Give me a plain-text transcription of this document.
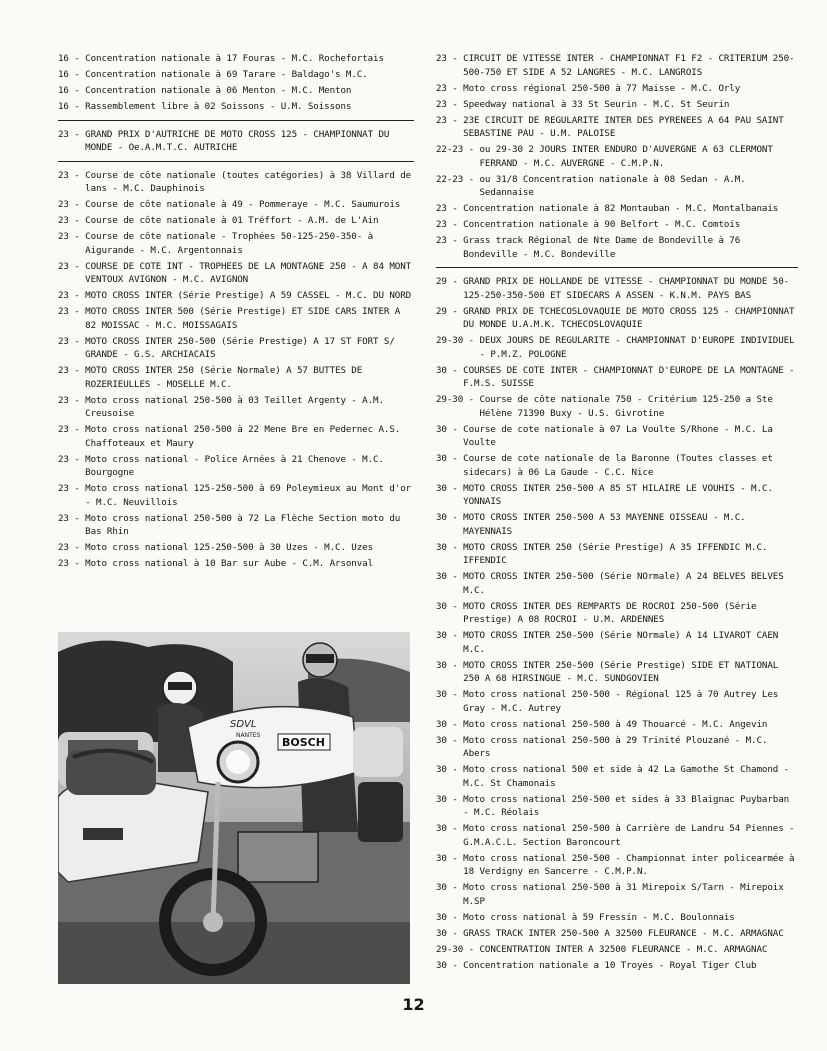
16 - Concentration nationale à 17 Fouras - M.C. Rochefortais
16 - Concentration nationale à 69 Tarare - Baldago's M.C.
16 - Concentration nationale à 06 Menton - M.C. Menton
16 - Rassemblement libre à 02 Soissons - U.M. Soissons
23 - GRAND PRIX D'AUTRICHE DE MOTO CROSS 125 - CHAMPIONNAT DU MONDE - Oe.A.M.T.C. AUTRICHE
23 - Course de côte nationale (toutes catégories) à 38 Villard de lans - M.C. Dauphinois
23 - Course de côte nationale à 49 - Pommeraye - M.C. Saumurois
23 - Course de côte nationale à 01 Tréffort - A.M. de L'Ain
23 - Course de côte nationale - Trophées 50-125-250-350- à Aigurande - M.C. Argentonnais
23 - COURSE DE COTE INT - TROPHEES DE LA MONTAGNE 250 - A 84 MONT VENTOUX AVIGNON - M.C. AVIGNON
23 - MOTO CROSS INTER (Série Prestige) A 59 CASSEL - M.C. DU NORD
23 - MOTO CROSS INTER 500 (Série Prestige) ET SIDE CARS INTER A 82 MOISSAC - M.C. MOISSAGAIS
23 - MOTO CROSS INTER 250-500 (Série Prestige) A 17 ST FORT S/ GRANDE - G.S. ARCHIACAIS
23 - MOTO CROSS INTER 250 (Série Normale) A 57 BUTTES DE ROZERIEULLES - MOSELLE M.C.
23 - Moto cross national 250-500 à 03 Teillet Argenty - A.M. Creusoise
23 - Moto cross national 250-500 à 22 Mene Bre en Pedernec A.S. Chaffoteaux et Maury
23 - Moto cross national - Police Arnées à 21 Chenove - M.C. Bourgogne
23 - Moto cross national 125-250-500 à 69 Poleymieux au Mont d'or - M.C. Neuvillois
23 - Moto cross national 250-500 à 72 La Flèche Section moto du Bas Rhin
23 - Moto cross national 125-250-500 à 30 Uzes - M.C. Uzes
23 - Moto cross national à 10 Bar sur Aube - C.M. Arsonval
23 - CIRCUIT DE VITESSE INTER - CHAMPIONNAT F1 F2 - CRITERIUM 250-500-750 ET SIDE A 52 LANGRES - M.C. LANGROIS
23 - Moto cross régional 250-500 à 77 Maisse - M.C. Orly
23 - Speedway national à 33 St Seurin - M.C. St Seurin
23 - 23E CIRCUIT DE REGULARITE INTER DES PYRENEES A 64 PAU SAINT SEBASTINE PAU - U.M. PALOISE
22-23 - ou 29-30 2 JOURS INTER ENDURO D'AUVERGNE A 63 CLERMONT FERRAND - M.C. AUVERGNE - C.M.P.N.
22-23 - ou 31/8 Concentration nationale à 08 Sedan - A.M. Sedannaise
23 - Concentration nationale à 82 Montauban - M.C. Montalbanais
23 - Concentration nationale à 90 Belfort - M.C. Comtois
23 - Grass track Régional de Nte Dame de Bondeville à 76 Bondeville - M.C. Bondeville
29 - GRAND PRIX DE HOLLANDE DE VITESSE - CHAMPIONNAT DU MONDE 50-125-250-350-500 ET SIDECARS A ASSEN - K.N.M. PAYS BAS
29 - GRAND PRIX DE TCHECOSLOVAQUIE DE MOTO CROSS 125 - CHAMPIONNAT DU MONDE U.A.M.K. TCHECOSLOVAQUIE
29-30 - DEUX JOURS DE REGULARITE - CHAMPIONNAT D'EUROPE INDIVIDUEL - P.M.Z. POLOGNE
30 - COURSES DE COTE INTER - CHAMPIONNAT D'EUROPE DE LA MONTAGNE - F.M.S. SUISSE
29-30 - Course de côte nationale 750 - Critérium 125-250 a Ste Hélène 71390 Buxy - U.S. Givrotine
30 - Course de cote nationale à 07 La Voulte S/Rhone - M.C. La Voulte
30 - Course de cote nationale de la Baronne (Toutes classes et sidecars) à 06 La Gaude - C.C. Nice
30 - MOTO CROSS INTER 250-500 A 85 ST HILAIRE LE VOUHIS - M.C. YONNAIS
30 - MOTO CROSS INTER 250-500 A 53 MAYENNE OISSEAU - M.C. MAYENNAIS
30 - MOTO CROSS INTER 250 (Série Prestige) A 35 IFFENDIC M.C. IFFENDIC
30 - MOTO CROSS INTER 250-500 (Série NOrmale) A 24 BELVES BELVES M.C.
30 - MOTO CROSS INTER DES REMPARTS DE ROCROI 250-500 (Série Prestige) A 08 ROCROI - U.M. ARDENNES
30 - MOTO CROSS INTER 250-500 (Série NOrmale) A 14 LIVAROT CAEN M.C.
30 - MOTO CROSS INTER 250-500 (Série Prestige) SIDE ET NATIONAL 250 A 68 HIRSINGUE - M.C. SUNDGOVIEN
30 - Moto cross national 250-500 - Régional 125 à 70 Autrey Les Gray - M.C. Autrey
30 - Moto cross national 250-500 à 49 Thouarcé - M.C. Angevin
30 - Moto cross national 250-500 à 29 Trinité Plouzané - M.C. Abers
30 - Moto cross national 500 et side à 42 La Gamothe St Chamond - M.C. St Chamonais
30 - Moto cross national 250-500 et sides à 33 Blaignac Puybarban - M.C. Réolais
30 - Moto cross national 250-500 à Carrière de Landru 54 Piennes - G.M.A.C.L. Section Baroncourt
30 - Moto cross national 250-500 - Championnat inter policearmée à 18 Verdigny en Sancerre - C.M.P.N.
30 - Moto cross national 250-500 à 31 Mirepoix S/Tarn - Mirepoix M.SP
30 - Moto cross national à 59 Fressin - M.C. Boulonnais
30 - GRASS TRACK INTER 250-500 A 32500 FLEURANCE - M.C. ARMAGNAC
29-30 - CONCENTRATION INTER A 32500 FLEURANCE - M.C. ARMAGNAC
30 - Concentration nationale a 10 Troyes - Royal Tiger Club
SDVL
NANTES
BOSCH
12
